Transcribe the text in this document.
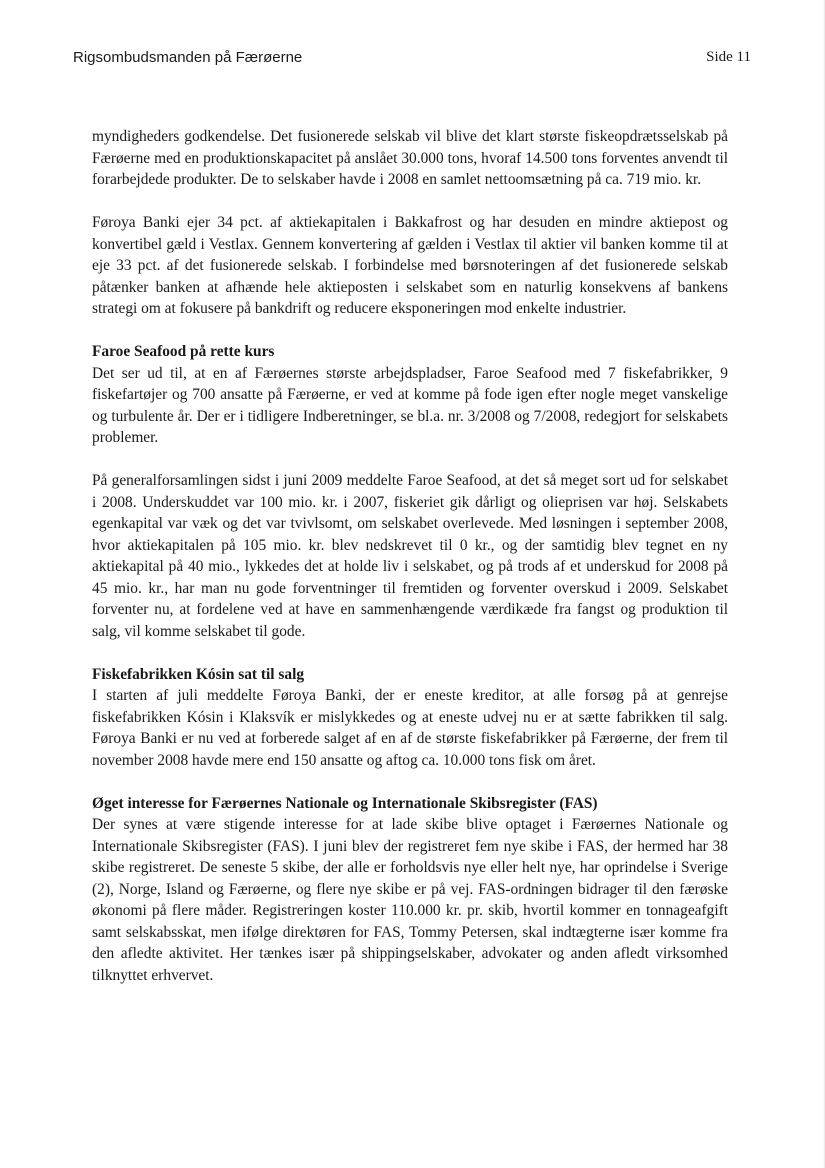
Rigsombudsmanden på Færøerne	Side 11

myndigheders godkendelse. Det fusionerede selskab vil blive det klart største fiskeopdrætsselskab på Færøerne med en produktionskapacitet på anslået 30.000 tons, hvoraf 14.500 tons forventes anvendt til forarbejdede produkter. De to selskaber havde i 2008 en samlet nettoomsætning på ca. 719 mio. kr.

Føroya Banki ejer 34 pct. af aktiekapitalen i Bakkafrost og har desuden en mindre aktiepost og konvertibel gæld i Vestlax. Gennem konvertering af gælden i Vestlax til aktier vil banken komme til at eje 33 pct. af det fusionerede selskab. I forbindelse med børsnoteringen af det fusionerede selskab påtænker banken at afhænde hele aktieposten i selskabet som en naturlig konsekvens af bankens strategi om at fokusere på bankdrift og reducere eksponeringen mod enkelte industrier.

Faroe Seafood på rette kurs

Det ser ud til, at en af Færøernes største arbejdspladser, Faroe Seafood med 7 fiskefabrikker, 9 fiskefartøjer og 700 ansatte på Færøerne, er ved at komme på fode igen efter nogle meget vanskelige og turbulente år. Der er i tidligere Indberetninger, se bl.a. nr. 3/2008 og 7/2008, redegjort for selskabets problemer.

På generalforsamlingen sidst i juni 2009 meddelte Faroe Seafood, at det så meget sort ud for selskabet i 2008. Underskuddet var 100 mio. kr. i 2007, fiskeriet gik dårligt og olieprisen var høj. Selskabets egenkapital var væk og det var tvivlsomt, om selskabet overlevede. Med løsningen i september 2008, hvor aktiekapitalen på 105 mio. kr. blev nedskrevet til 0 kr., og der samtidig blev tegnet en ny aktiekapital på 40 mio., lykkedes det at holde liv i selskabet, og på trods af et underskud for 2008 på 45 mio. kr., har man nu gode forventninger til fremtiden og forventer overskud i 2009. Selskabet forventer nu, at fordelene ved at have en sammenhængende værdikæde fra fangst og produktion til salg, vil komme selskabet til gode.

Fiskefabrikken Kósin sat til salg

I starten af juli meddelte Føroya Banki, der er eneste kreditor, at alle forsøg på at genrejse fiskefabrikken Kósin i Klaksvík er mislykkedes og at eneste udvej nu er at sætte fabrikken til salg. Føroya Banki er nu ved at forberede salget af en af de største fiskefabrikker på Færøerne, der frem til november 2008 havde mere end 150 ansatte og aftog ca. 10.000 tons fisk om året.

Øget interesse for Færøernes Nationale og Internationale Skibsregister (FAS)

Der synes at være stigende interesse for at lade skibe blive optaget i Færøernes Nationale og Internationale Skibsregister (FAS). I juni blev der registreret fem nye skibe i FAS, der hermed har 38 skibe registreret. De seneste 5 skibe, der alle er forholdsvis nye eller helt nye, har oprindelse i Sverige (2), Norge, Island og Færøerne, og flere nye skibe er på vej. FAS-ordningen bidrager til den færøske økonomi på flere måder. Registreringen koster 110.000 kr. pr. skib, hvortil kommer en tonnageafgift samt selskabsskat, men ifølge direktøren for FAS, Tommy Petersen, skal indtægterne især komme fra den afledte aktivitet. Her tænkes især på shippingselskaber, advokater og anden afledt virksomhed tilknyttet erhvervet.
